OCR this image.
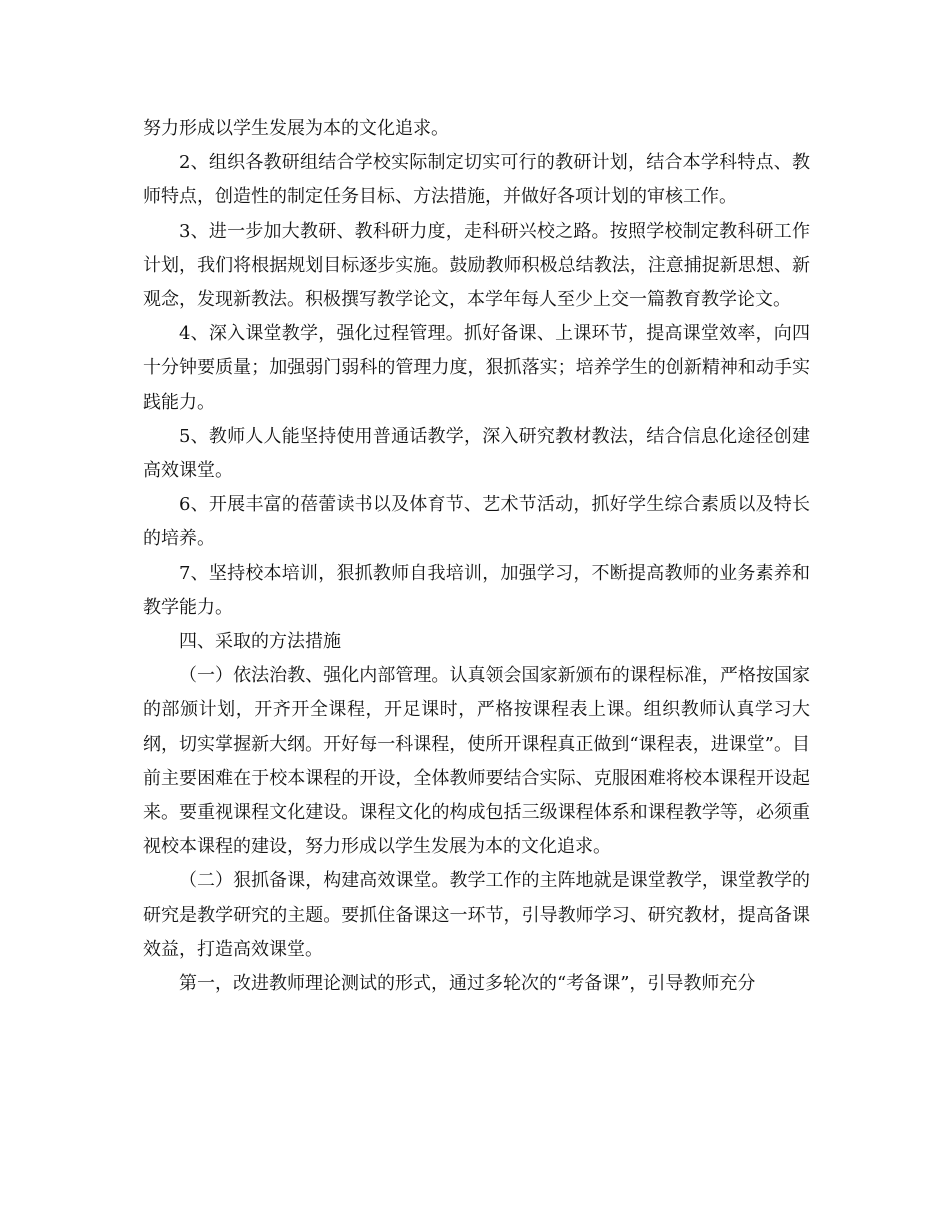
努力形成以学生发展为本的文化追求。

2、组织各教研组结合学校实际制定切实可行的教研计划，结合本学科特点、教师特点，创造性的制定任务目标、方法措施，并做好各项计划的审核工作。

3、进一步加大教研、教科研力度，走科研兴校之路。按照学校制定教科研工作计划，我们将根据规划目标逐步实施。鼓励教师积极总结教法，注意捕捉新思想、新观念，发现新教法。积极撰写教学论文，本学年每人至少上交一篇教育教学论文。

4、深入课堂教学，强化过程管理。抓好备课、上课环节，提高课堂效率，向四十分钟要质量；加强弱门弱科的管理力度，狠抓落实；培养学生的创新精神和动手实践能力。

5、教师人人能坚持使用普通话教学，深入研究教材教法，结合信息化途径创建高效课堂。

6、开展丰富的蓓蕾读书以及体育节、艺术节活动，抓好学生综合素质以及特长的培养。

7、坚持校本培训，狠抓教师自我培训，加强学习，不断提高教师的业务素养和教学能力。

四、采取的方法措施

（一）依法治教、强化内部管理。认真领会国家新颁布的课程标准，严格按国家的部颁计划，开齐开全课程，开足课时，严格按课程表上课。组织教师认真学习大纲，切实掌握新大纲。开好每一科课程，使所开课程真正做到“课程表，进课堂”。目前主要困难在于校本课程的开设，全体教师要结合实际、克服困难将校本课程开设起来。要重视课程文化建设。课程文化的构成包括三级课程体系和课程教学等，必须重视校本课程的建设，努力形成以学生发展为本的文化追求。

（二）狠抓备课，构建高效课堂。教学工作的主阵地就是课堂教学，课堂教学的研究是教学研究的主题。要抓住备课这一环节，引导教师学习、研究教材，提高备课效益，打造高效课堂。

第一，改进教师理论测试的形式，通过多轮次的“考备课”，引导教师充分
